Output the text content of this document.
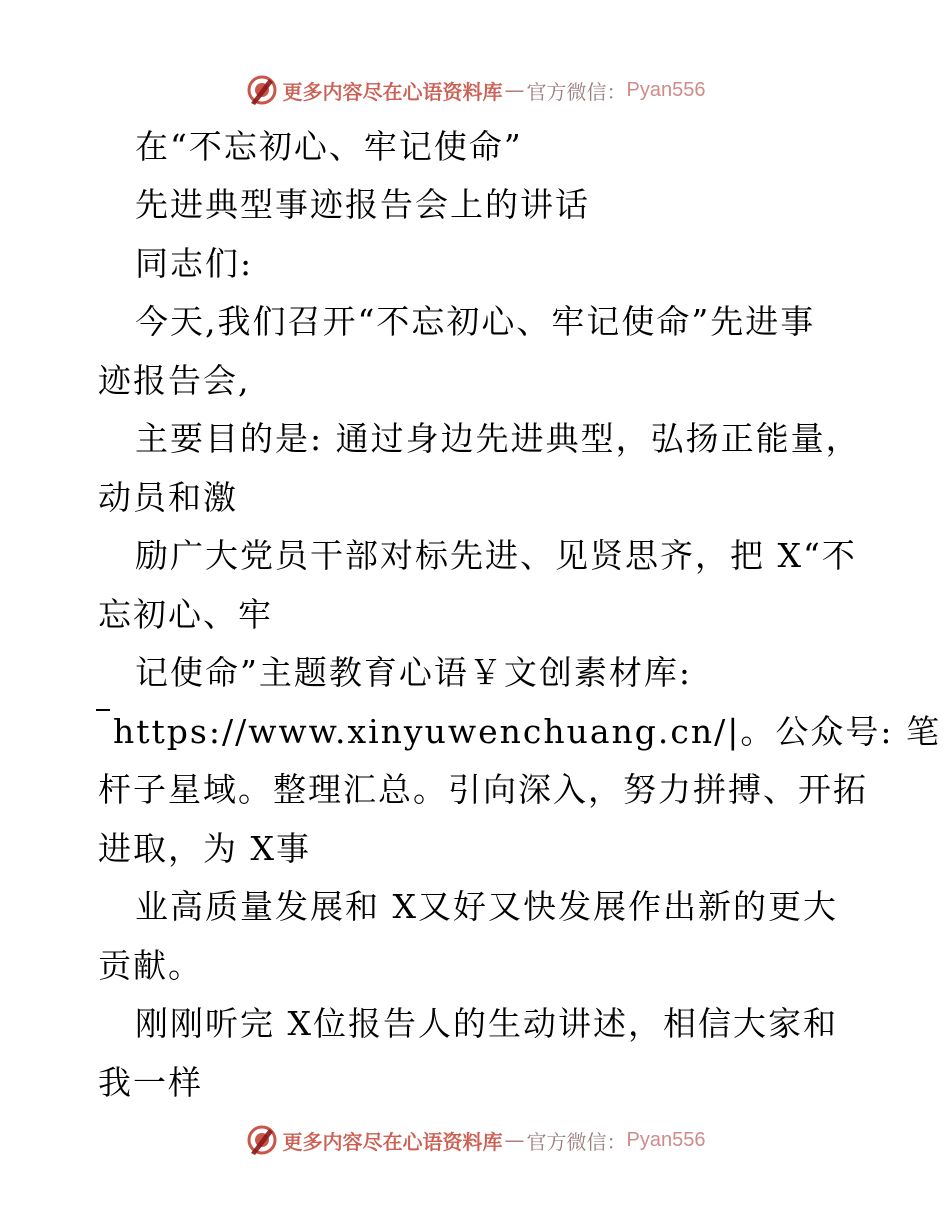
更多内容尽在心语资料库 — 官方微信： Pyan556
在“不忘初心、牢记使命”
先进典型事迹报告会上的讲话
同志们:
今天,我们召开“不忘初心、牢记使命”先进事
迹报告会,
主要目的是: 通过身边先进典型，弘扬正能量，
动员和激
励广大党员干部对标先进、见贤思齐，把 X“不
忘初心、牢
记使命”主题教育心语￥文创素材库:
https://www.xinyuwenchuang.cn/|。公众号: 笔
杆子星域。整理汇总。引向深入，努力拼搏、开拓
进取，为 X事
业高质量发展和 X又好又快发展作出新的更大
贡献。
刚刚听完 X位报告人的生动讲述，相信大家和
我一样
更多内容尽在心语资料库 — 官方微信： Pyan556
